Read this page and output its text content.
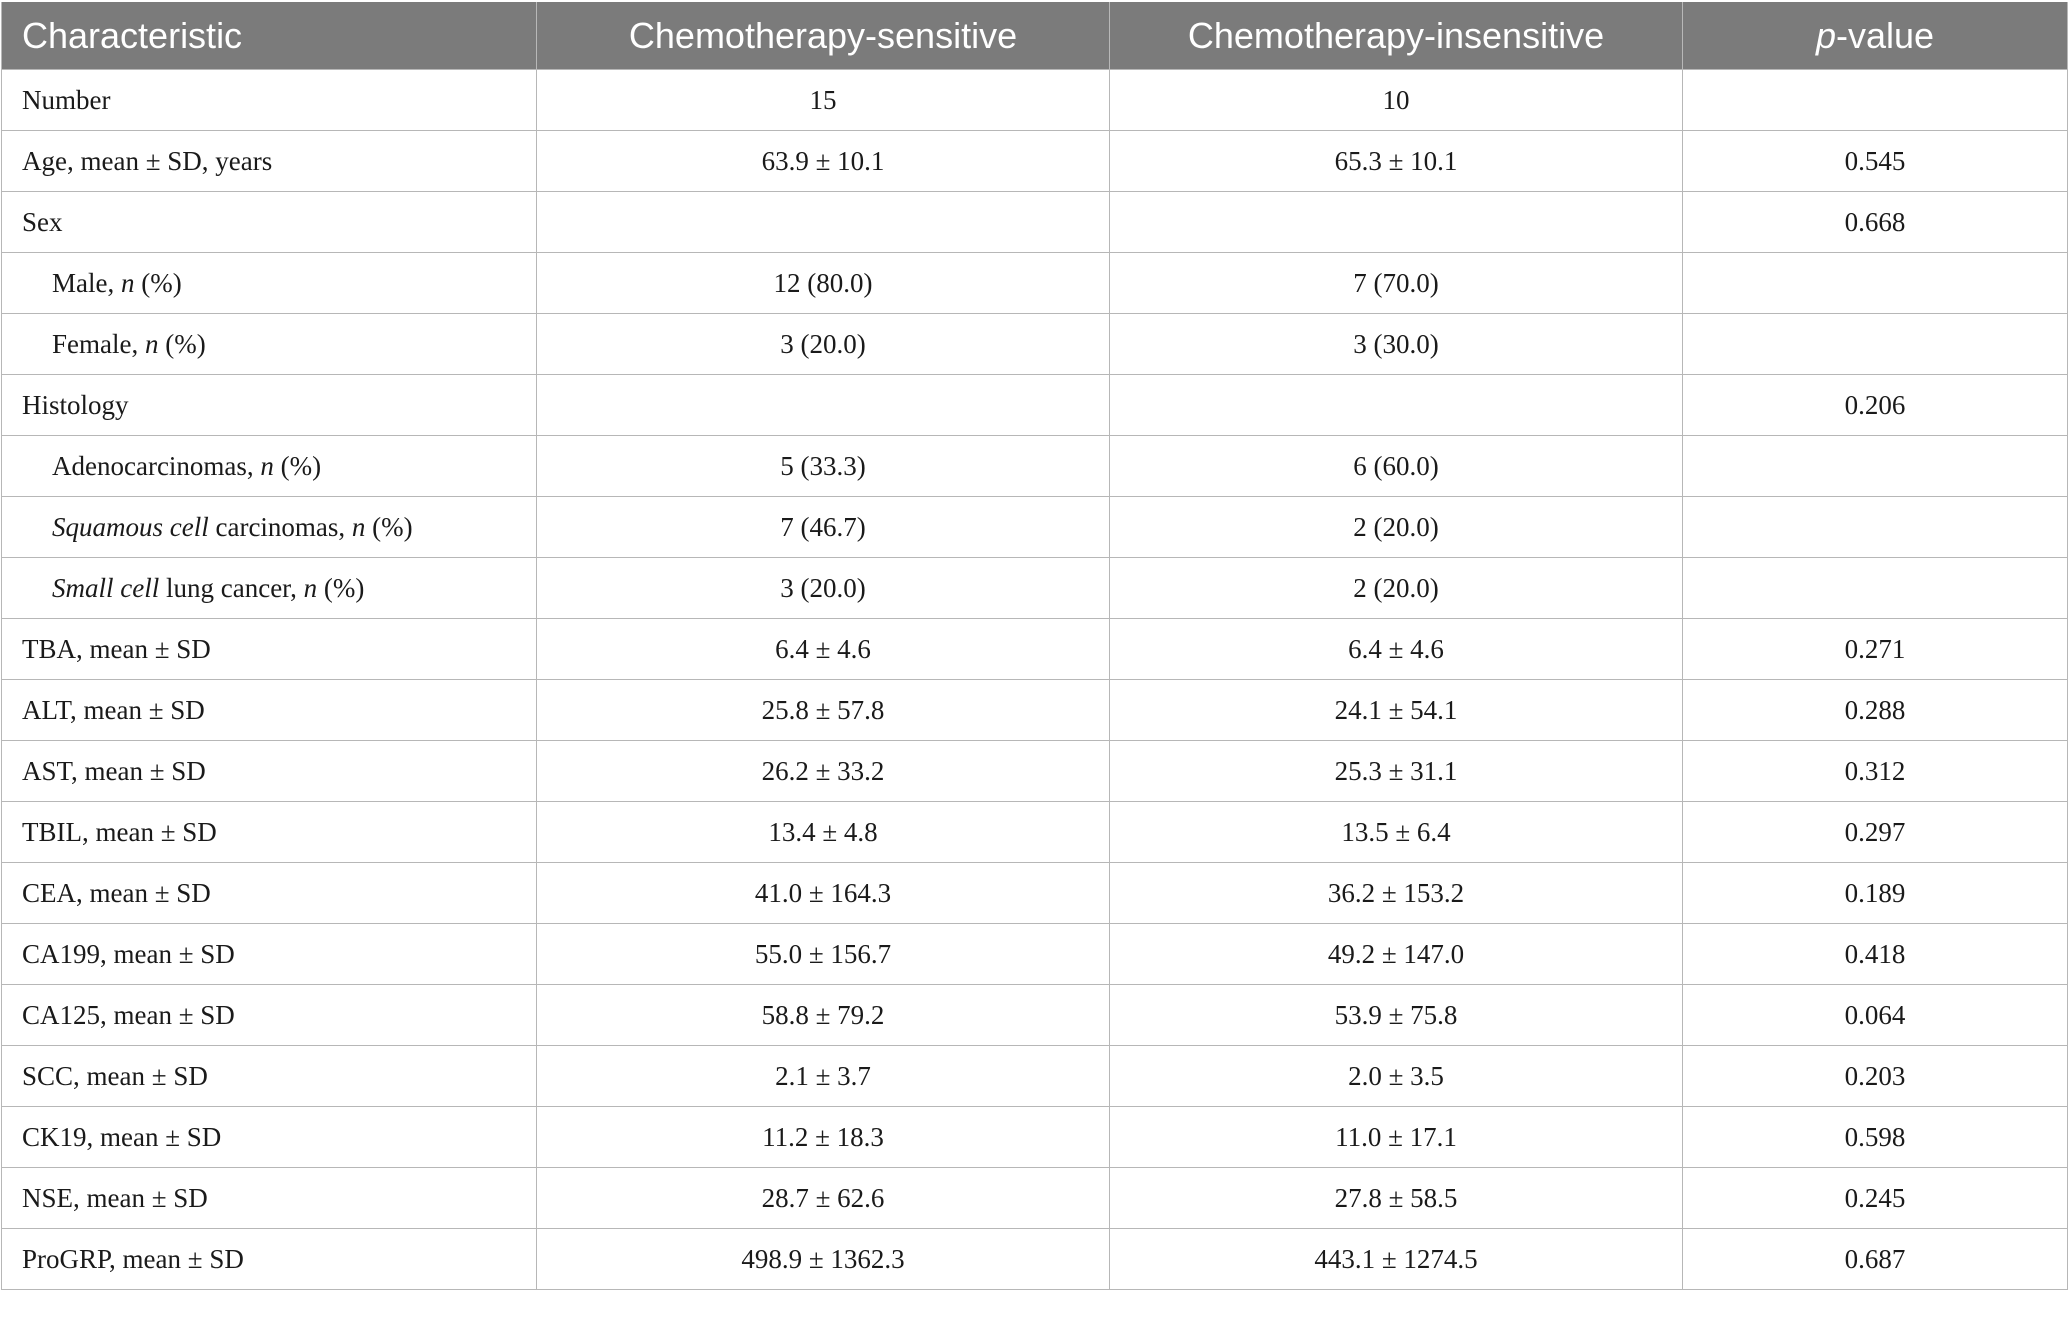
Characteristic	Chemotherapy-sensitive	Chemotherapy-insensitive	p-value
Number	15	10	
Age, mean ± SD, years	63.9 ± 10.1	65.3 ± 10.1	0.545
Sex			0.668
Male, n (%)	12 (80.0)	7 (70.0)	
Female, n (%)	3 (20.0)	3 (30.0)	
Histology			0.206
Adenocarcinomas, n (%)	5 (33.3)	6 (60.0)	
Squamous cell carcinomas, n (%)	7 (46.7)	2 (20.0)	
Small cell lung cancer, n (%)	3 (20.0)	2 (20.0)	
TBA, mean ± SD	6.4 ± 4.6	6.4 ± 4.6	0.271
ALT, mean ± SD	25.8 ± 57.8	24.1 ± 54.1	0.288
AST, mean ± SD	26.2 ± 33.2	25.3 ± 31.1	0.312
TBIL, mean ± SD	13.4 ± 4.8	13.5 ± 6.4	0.297
CEA, mean ± SD	41.0 ± 164.3	36.2 ± 153.2	0.189
CA199, mean ± SD	55.0 ± 156.7	49.2 ± 147.0	0.418
CA125, mean ± SD	58.8 ± 79.2	53.9 ± 75.8	0.064
SCC, mean ± SD	2.1 ± 3.7	2.0 ± 3.5	0.203
CK19, mean ± SD	11.2 ± 18.3	11.0 ± 17.1	0.598
NSE, mean ± SD	28.7 ± 62.6	27.8 ± 58.5	0.245
ProGRP, mean ± SD	498.9 ± 1362.3	443.1 ± 1274.5	0.687
